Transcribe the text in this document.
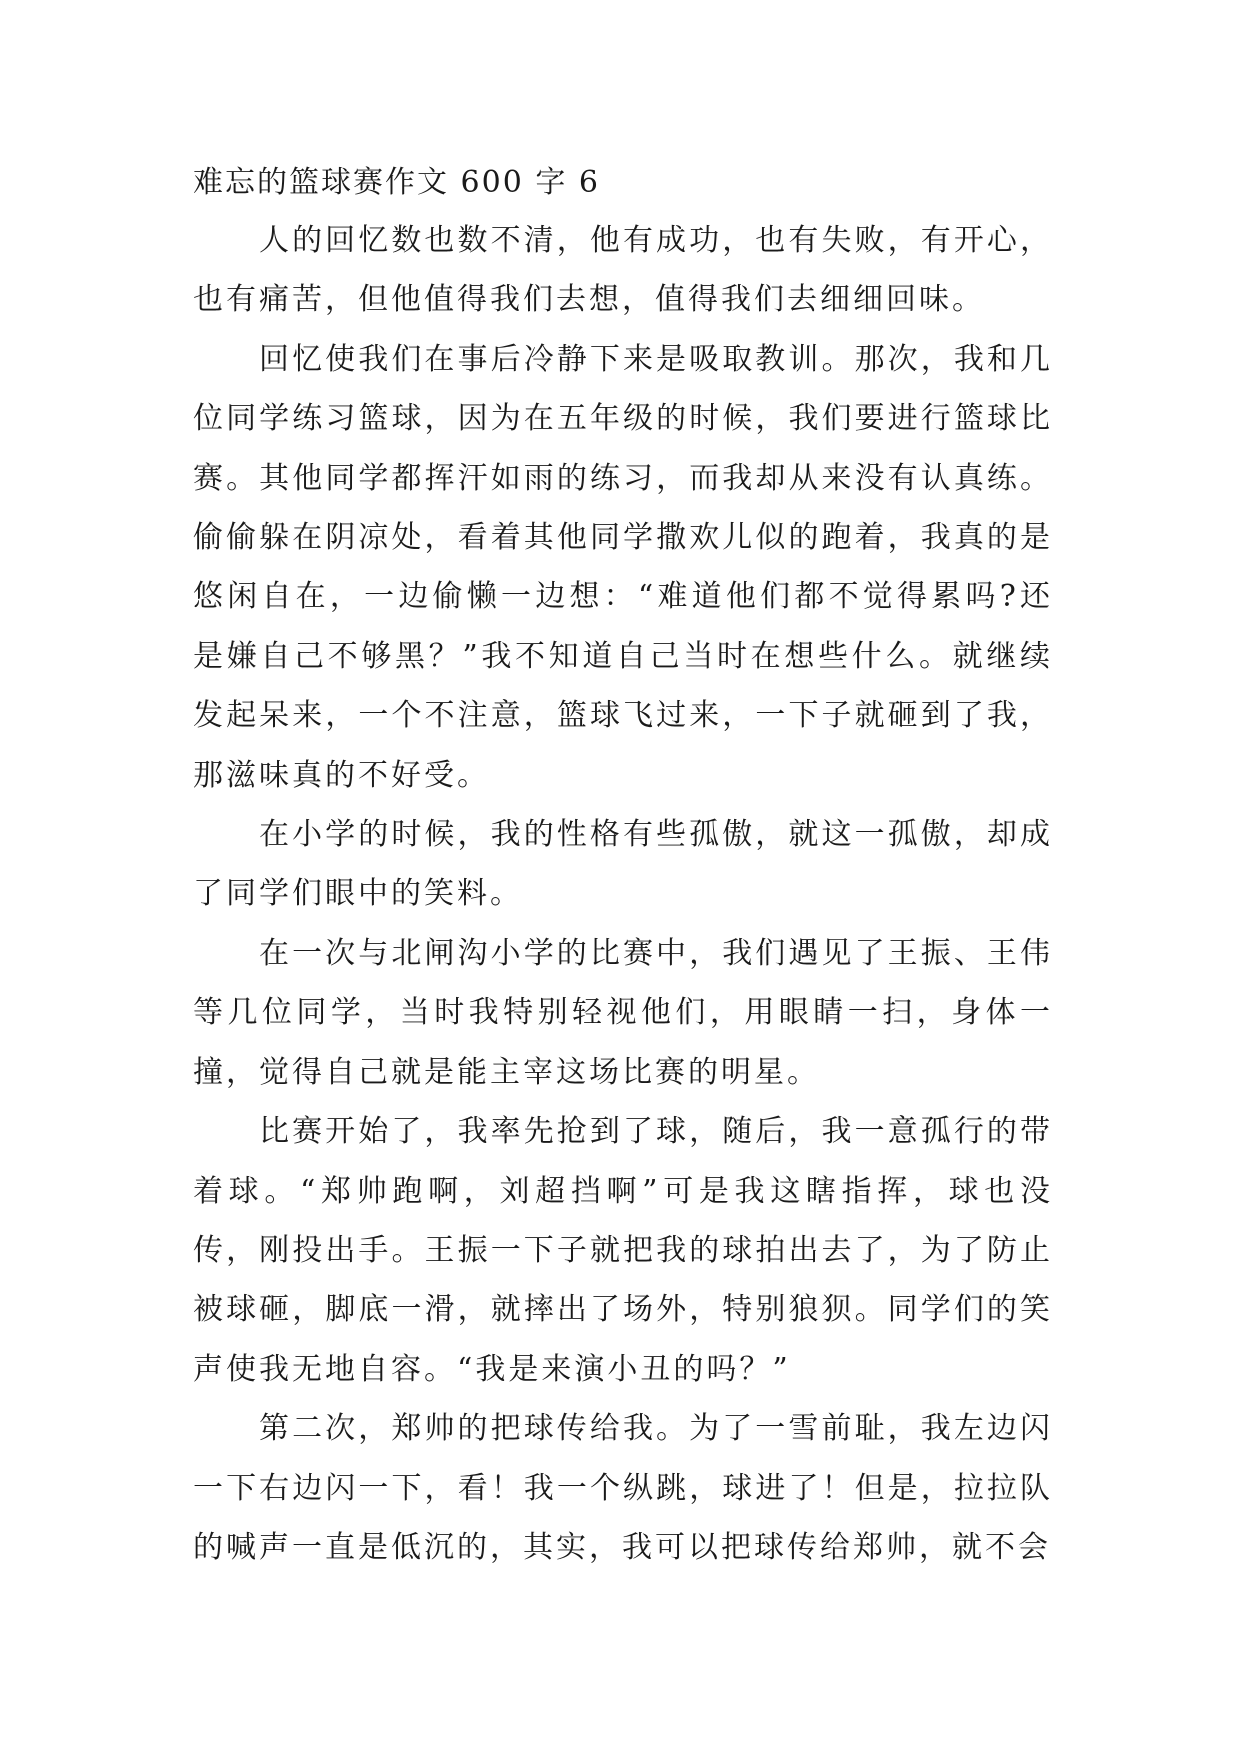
难忘的篮球赛作文 600 字 6

人的回忆数也数不清，他有成功，也有失败，有开心，也有痛苦，但他值得我们去想，值得我们去细细回味。

回忆使我们在事后冷静下来是吸取教训。那次，我和几位同学练习篮球，因为在五年级的时候，我们要进行篮球比赛。其他同学都挥汗如雨的练习，而我却从来没有认真练。偷偷躲在阴凉处，看着其他同学撒欢儿似的跑着，我真的是悠闲自在，一边偷懒一边想：“难道他们都不觉得累吗?还是嫌自己不够黑？”我不知道自己当时在想些什么。就继续发起呆来，一个不注意，篮球飞过来，一下子就砸到了我，那滋味真的不好受。

在小学的时候，我的性格有些孤傲，就这一孤傲，却成了同学们眼中的笑料。

在一次与北闸沟小学的比赛中，我们遇见了王振、王伟等几位同学，当时我特别轻视他们，用眼睛一扫，身体一撞，觉得自己就是能主宰这场比赛的明星。

比赛开始了，我率先抢到了球，随后，我一意孤行的带着球。“郑帅跑啊，刘超挡啊”可是我这瞎指挥，球也没传，刚投出手。王振一下子就把我的球拍出去了，为了防止被球砸，脚底一滑，就摔出了场外，特别狼狈。同学们的笑声使我无地自容。“我是来演小丑的吗？”

第二次，郑帅的把球传给我。为了一雪前耻，我左边闪一下右边闪一下，看！我一个纵跳，球进了！但是，拉拉队的喊声一直是低沉的，其实，我可以把球传给郑帅，就不会
